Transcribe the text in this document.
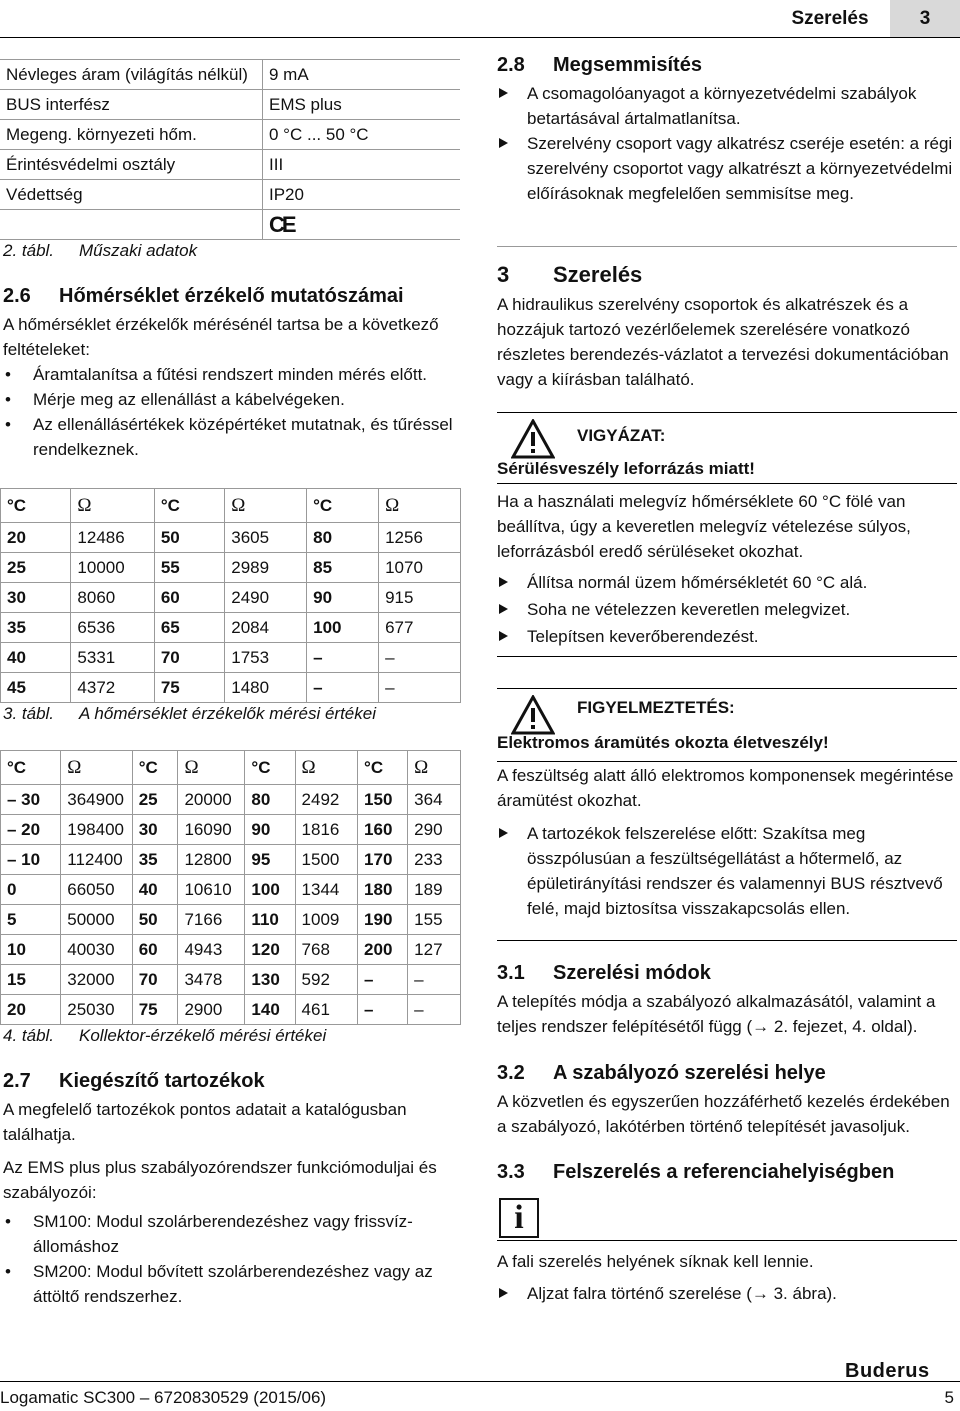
Szerelés	3
Névleges áram (világítás nélkül)	9 mA
BUS interfész	EMS plus
Megeng. környezeti hőm.	0 °C ... 50 °C
Érintésvédelmi osztály	III
Védettség	IP20
	CE
2. tábl. Műszaki adatok
2.6 Hőmérséklet érzékelő mutatószámai

A hőmérséklet érzékelők mérésénél tartsa be a következő feltételeket:

• Áramtalanítsa a fűtési rendszert minden mérés előtt.
• Mérje meg az ellenállást a kábelvégeken.
• Az ellenállásértékek középértéket mutatnak, és tűréssel rendelkeznek.
°C	Ω	°C	Ω	°C	Ω
20	12486	50	3605	80	1256
25	10000	55	2989	85	1070
30	8060	60	2490	90	915
35	6536	65	2084	100	677
40	5331	70	1753	–	–
45	4372	75	1480	–	–
3. tábl. A hőmérséklet érzékelők mérési értékei
°C	Ω	°C	Ω	°C	Ω	°C	Ω
– 30	364900	25	20000	80	2492	150	364
– 20	198400	30	16090	90	1816	160	290
– 10	112400	35	12800	95	1500	170	233
0	66050	40	10610	100	1344	180	189
5	50000	50	7166	110	1009	190	155
10	40030	60	4943	120	768	200	127
15	32000	70	3478	130	592	–	–
20	25030	75	2900	140	461	–	–
4. tábl. Kollektor-érzékelő mérési értékei
2.7 Kiegészítő tartozékok

A megfelelő tartozékok pontos adatait a katalógusban találhatja.

Az EMS plus plus szabályozórendszer funkciómoduljai és szabályozói:

• SM100: Modul szolárberendezéshez vagy frissvíz-állomáshoz
• SM200: Modul bővített szolárberendezéshez vagy az áttöltő rendszerhez.
2.8 Megsemmisítés
A csomagolóanyagot a környezetvédelmi szabályok betartásával ártalmatlanítsa.
Szerelvény csoport vagy alkatrész cseréje esetén: a régi szerelvény csoportot vagy alkatrészt a környezetvédelmi előírásoknak megfelelően semmisítse meg.
3 Szerelés

A hidraulikus szerelvény csoportok és alkatrészek és a hozzájuk tartozó vezérlőelemek szerelésére vonatkozó részletes berendezés-vázlatot a tervezési dokumentációban vagy a kiírásban található.

VIGYÁZAT:
Sérülésveszély leforrázás miatt!

Ha a használati melegvíz hőmérséklete 60 °C fölé van beállítva, úgy a keveretlen melegvíz vételezése súlyos, leforrázásból eredő sérüléseket okozhat.

Állítsa normál üzem hőmérsékletét 60 °C alá.
Soha ne vételezzen keveretlen melegvizet.
Telepítsen keverőberendezést.
FIGYELMEZTETÉS:
Elektromos áramütés okozta életveszély!

A feszültség alatt álló elektromos komponensek megérintése áramütést okozhat.

A tartozékok felszerelése előtt: Szakítsa meg összpólusúan a feszültségellátást a hőtermelő, az épületirányítási rendszer és valamennyi BUS résztvevő felé, majd biztosítsa visszakapcsolás ellen.
3.1 Szerelési módok

A telepítés módja a szabályozó alkalmazásától, valamint a teljes rendszer felépítésétől függ (→ 2. fejezet, 4. oldal).

3.2 A szabályozó szerelési helye

A közvetlen és egyszerűen hozzáférhető kezelés érdekében a szabályozó, lakótérben történő telepítését javasoljuk.

3.3 Felszerelés a referenciahelyiségben
i

A fali szerelés helyének síknak kell lennie.

Aljzat falra történő szerelése (→ 3. ábra).
Buderus
Logamatic SC300 – 6720830529 (2015/06)	5
